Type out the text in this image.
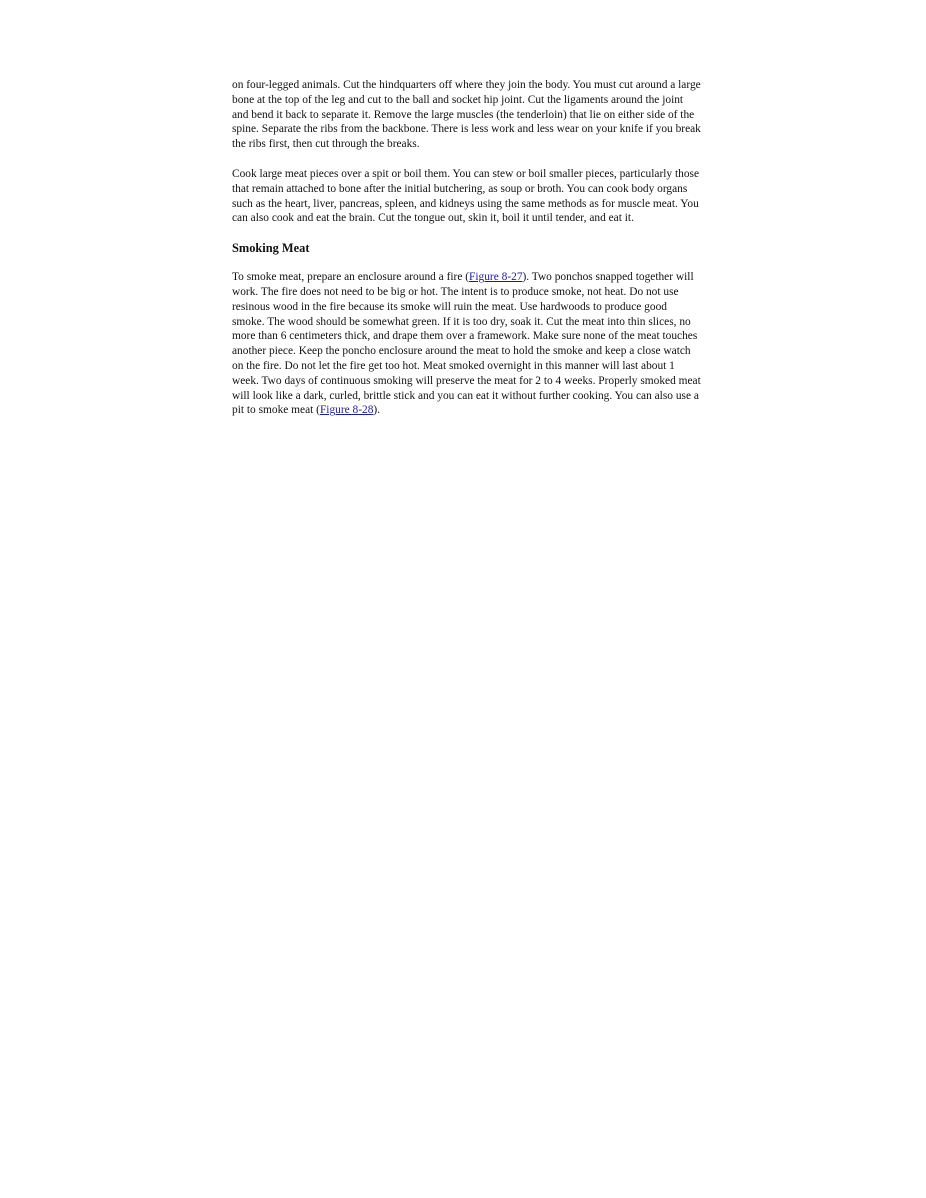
on four-legged animals. Cut the hindquarters off where they join the body. You must cut around a large bone at the top of the leg and cut to the ball and socket hip joint. Cut the ligaments around the joint and bend it back to separate it. Remove the large muscles (the tenderloin) that lie on either side of the spine. Separate the ribs from the backbone. There is less work and less wear on your knife if you break the ribs first, then cut through the breaks.

Cook large meat pieces over a spit or boil them. You can stew or boil smaller pieces, particularly those that remain attached to bone after the initial butchering, as soup or broth. You can cook body organs such as the heart, liver, pancreas, spleen, and kidneys using the same methods as for muscle meat. You can also cook and eat the brain. Cut the tongue out, skin it, boil it until tender, and eat it.

Smoking Meat

To smoke meat, prepare an enclosure around a fire (Figure 8-27). Two ponchos snapped together will work. The fire does not need to be big or hot. The intent is to produce smoke, not heat. Do not use resinous wood in the fire because its smoke will ruin the meat. Use hardwoods to produce good smoke. The wood should be somewhat green. If it is too dry, soak it. Cut the meat into thin slices, no more than 6 centimeters thick, and drape them over a framework. Make sure none of the meat touches another piece. Keep the poncho enclosure around the meat to hold the smoke and keep a close watch on the fire. Do not let the fire get too hot. Meat smoked overnight in this manner will last about 1 week. Two days of continuous smoking will preserve the meat for 2 to 4 weeks. Properly smoked meat will look like a dark, curled, brittle stick and you can eat it without further cooking. You can also use a pit to smoke meat (Figure 8-28).
